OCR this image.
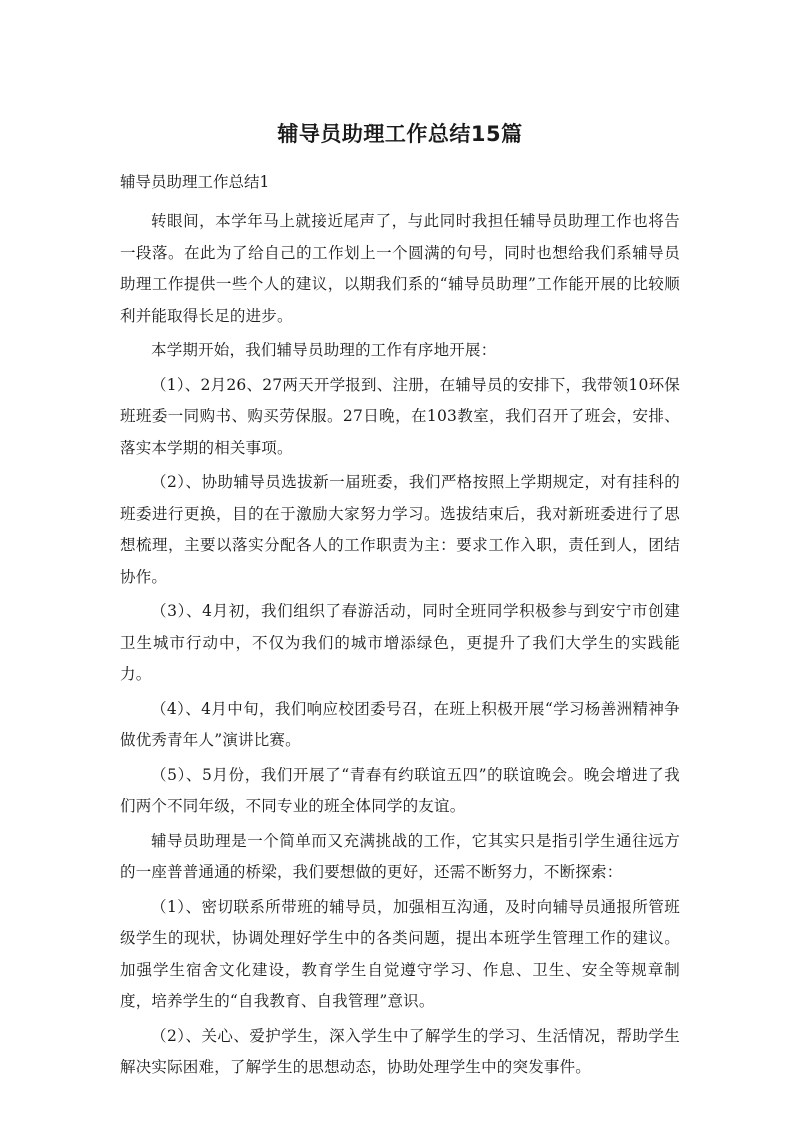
辅导员助理工作总结15篇

辅导员助理工作总结1

转眼间，本学年马上就接近尾声了，与此同时我担任辅导员助理工作也将告一段落。在此为了给自己的工作划上一个圆满的句号，同时也想给我们系辅导员助理工作提供一些个人的建议，以期我们系的“辅导员助理”工作能开展的比较顺利并能取得长足的进步。

本学期开始，我们辅导员助理的工作有序地开展：

（1）、2月26、27两天开学报到、注册，在辅导员的安排下，我带领10环保班班委一同购书、购买劳保服。27日晚，在103教室，我们召开了班会，安排、落实本学期的相关事项。

（2）、协助辅导员选拔新一届班委，我们严格按照上学期规定，对有挂科的班委进行更换，目的在于激励大家努力学习。选拔结束后，我对新班委进行了思想梳理，主要以落实分配各人的工作职责为主：要求工作入职，责任到人，团结协作。

（3）、4月初，我们组织了春游活动，同时全班同学积极参与到安宁市创建卫生城市行动中，不仅为我们的城市增添绿色，更提升了我们大学生的实践能力。

（4）、4月中旬，我们响应校团委号召，在班上积极开展“学习杨善洲精神争做优秀青年人”演讲比赛。

（5）、5月份，我们开展了“青春有约联谊五四”的联谊晚会。晚会增进了我们两个不同年级，不同专业的班全体同学的友谊。

辅导员助理是一个简单而又充满挑战的工作，它其实只是指引学生通往远方的一座普普通通的桥梁，我们要想做的更好，还需不断努力，不断探索：

（1）、密切联系所带班的辅导员，加强相互沟通，及时向辅导员通报所管班级学生的现状，协调处理好学生中的各类问题，提出本班学生管理工作的建议。加强学生宿舍文化建设，教育学生自觉遵守学习、作息、卫生、安全等规章制度，培养学生的“自我教育、自我管理”意识。

（2）、关心、爱护学生，深入学生中了解学生的学习、生活情况，帮助学生解决实际困难，了解学生的思想动态，协助处理学生中的突发事件。
